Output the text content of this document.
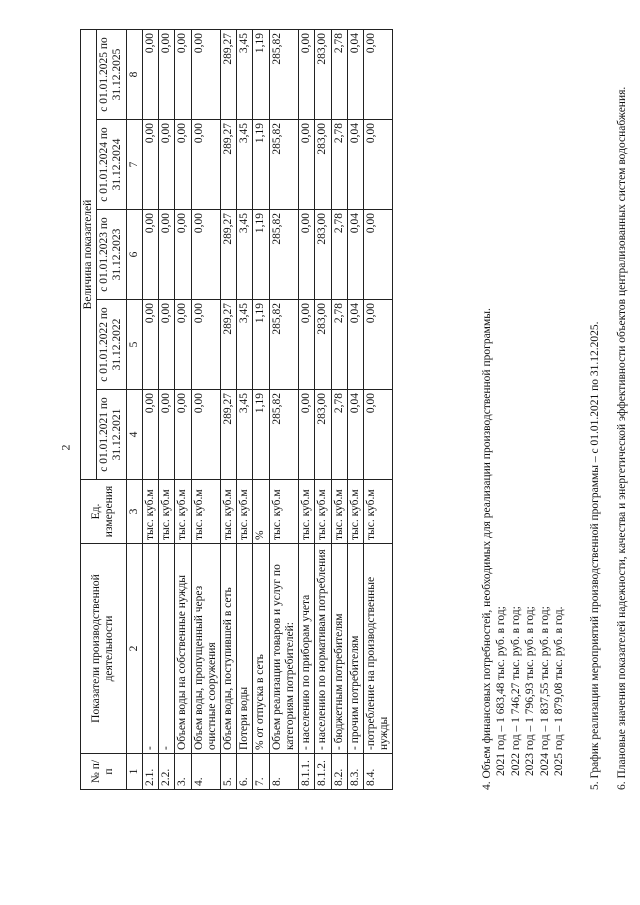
2
№ п/п	Показатели производственной деятельности	Ед. измерения	Величина показателей				
			с 01.01.2021 по 31.12.2021	с 01.01.2022 по 31.12.2022	с 01.01.2023 по 31.12.2023	с 01.01.2024 по 31.12.2024	с 01.01.2025 по 31.12.2025
1	2	3	4	5	6	7	8
2.1.	-	тыс. куб.м	0,00	0,00	0,00	0,00	0,00
2.2.	-	тыс. куб.м	0,00	0,00	0,00	0,00	0,00
3.	Объем воды на собственные нужды	тыс. куб.м	0,00	0,00	0,00	0,00	0,00
4.	Объем воды, пропущенный через очистные сооружения	тыс. куб.м	0,00	0,00	0,00	0,00	0,00
5.	Объем воды, поступившей в сеть	тыс. куб.м	289,27	289,27	289,27	289,27	289,27
6.	Потери воды	тыс. куб.м	3,45	3,45	3,45	3,45	3,45
7.	% от отпуска в сеть	%	1,19	1,19	1,19	1,19	1,19
8.	Объем реализации товаров и услуг по категориям потребителей:	тыс. куб.м	285,82	285,82	285,82	285,82	285,82
8.1.1.	- населению по приборам учета	тыс. куб.м	0,00	0,00	0,00	0,00	0,00
8.1.2.	- населению по нормативам потребления	тыс. куб.м	283,00	283,00	283,00	283,00	283,00
8.2.	- бюджетным потребителям	тыс. куб.м	2,78	2,78	2,78	2,78	2,78
8.3.	- прочим потребителям	тыс. куб.м	0,04	0,04	0,04	0,04	0,04
8.4.	-потребление на производственные нужды	тыс. куб.м	0,00	0,00	0,00	0,00	0,00
4. Объем финансовых потребностей, необходимых для реализации производственной программы. 2021 год – 1 683,48 тыс. руб. в год; 2022 год – 1 746,27 тыс. руб. в год; 2023 год – 1 796,93 тыс. руб. в год; 2024 год – 1 837,55 тыс. руб. в год; 2025 год – 1 879,08 тыс. руб. в год. 5. График реализации мероприятий производственной программы – с 01.01.2021 по 31.12.2025. 6. Плановые значения показателей надежности, качества и энергетической эффективности объектов централизованных систем водоснабжения.
